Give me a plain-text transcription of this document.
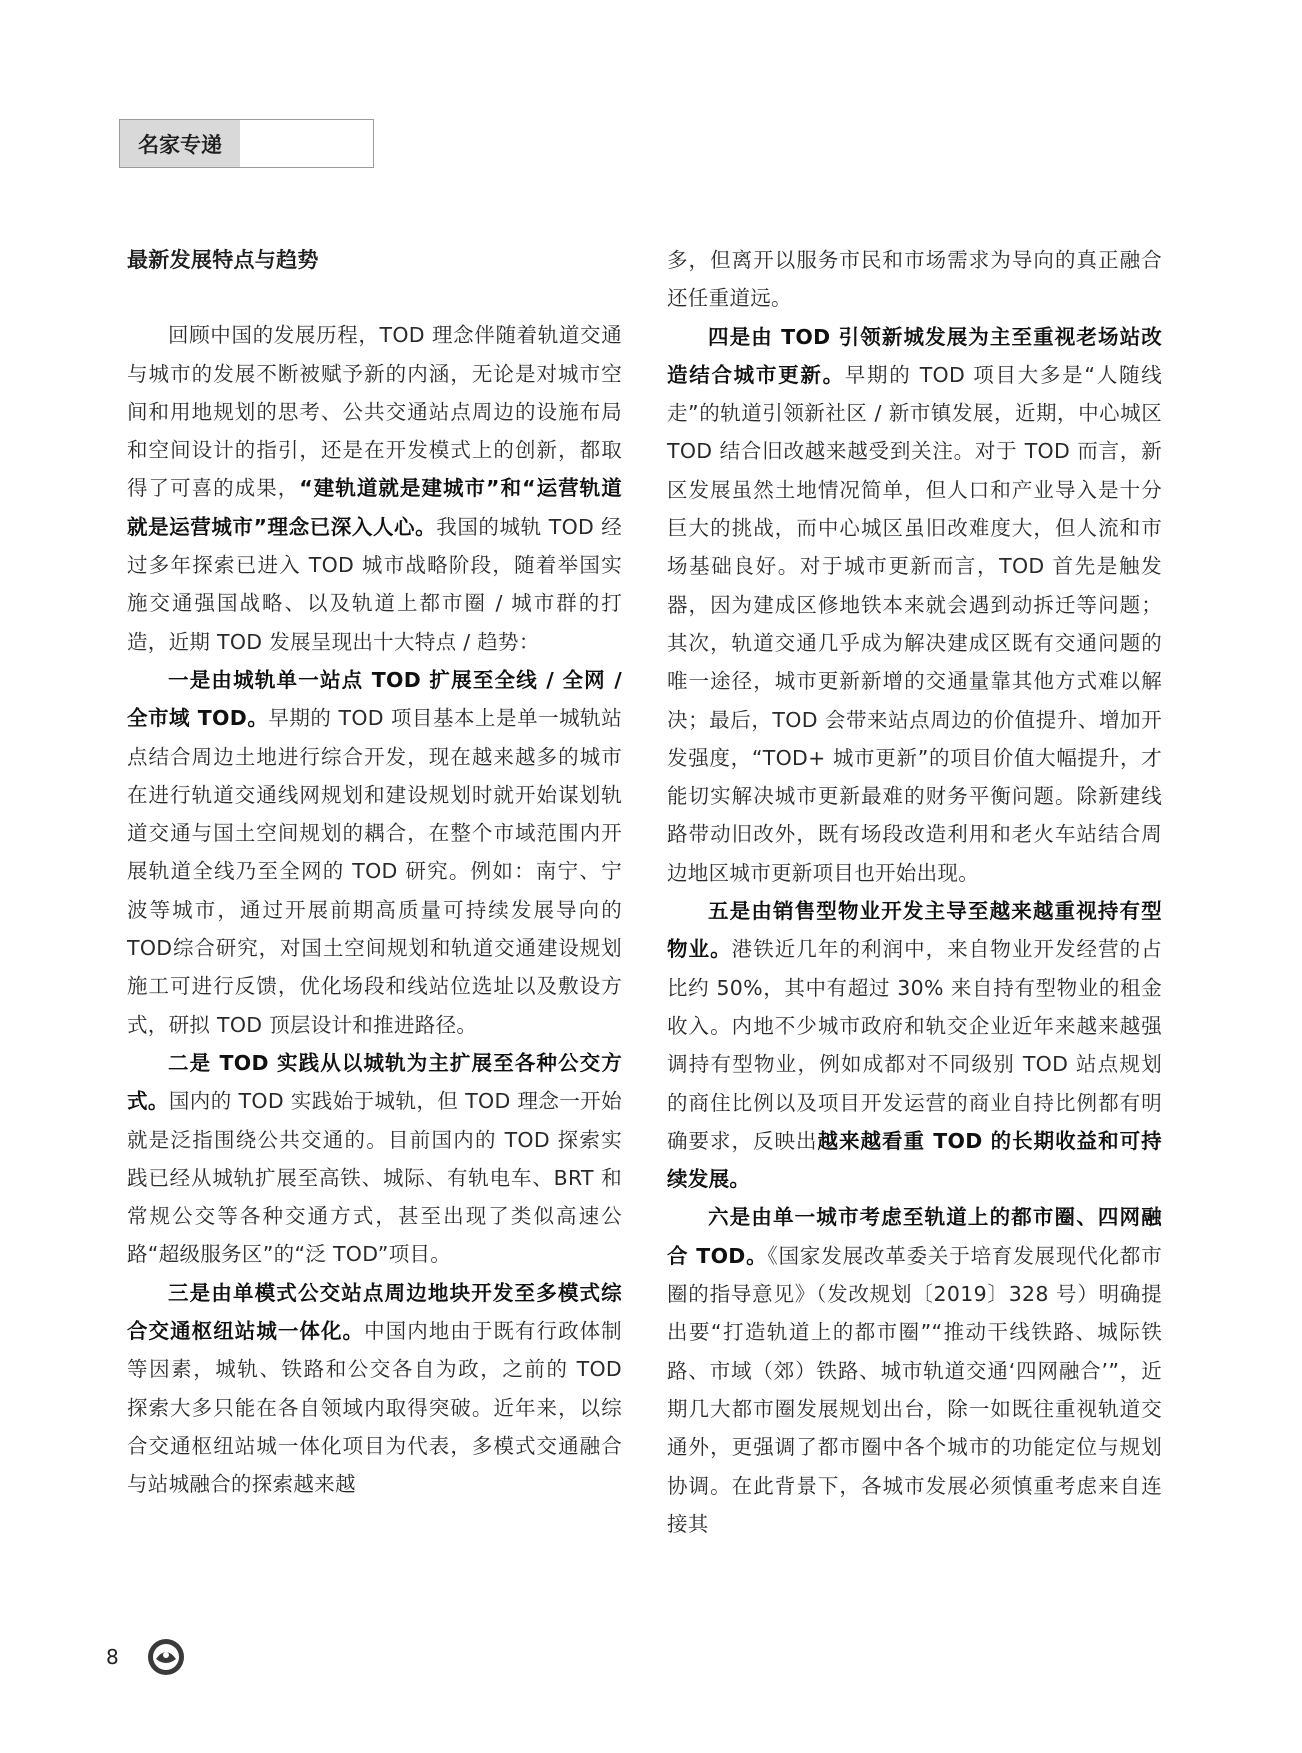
名家专递
最新发展特点与趋势

回顾中国的发展历程，TOD 理念伴随着轨道交通与城市的发展不断被赋予新的内涵，无论是对城市空间和用地规划的思考、公共交通站点周边的设施布局和空间设计的指引，还是在开发模式上的创新，都取得了可喜的成果，“建轨道就是建城市”和“运营轨道就是运营城市”理念已深入人心。我国的城轨 TOD 经过多年探索已进入 TOD 城市战略阶段，随着举国实施交通强国战略、以及轨道上都市圈 / 城市群的打造，近期 TOD 发展呈现出十大特点 / 趋势：

一是由城轨单一站点 TOD 扩展至全线 / 全网 / 全市域 TOD。早期的 TOD 项目基本上是单一城轨站点结合周边土地进行综合开发，现在越来越多的城市在进行轨道交通线网规划和建设规划时就开始谋划轨道交通与国土空间规划的耦合，在整个市域范围内开展轨道全线乃至全网的 TOD 研究。例如：南宁、宁波等城市，通过开展前期高质量可持续发展导向的TOD综合研究，对国土空间规划和轨道交通建设规划施工可进行反馈，优化场段和线站位选址以及敷设方式，研拟 TOD 顶层设计和推进路径。

二是 TOD 实践从以城轨为主扩展至各种公交方式。国内的 TOD 实践始于城轨，但 TOD 理念一开始就是泛指围绕公共交通的。目前国内的 TOD 探索实践已经从城轨扩展至高铁、城际、有轨电车、BRT 和常规公交等各种交通方式，甚至出现了类似高速公路“超级服务区”的“泛 TOD”项目。

三是由单模式公交站点周边地块开发至多模式综合交通枢纽站城一体化。中国内地由于既有行政体制等因素，城轨、铁路和公交各自为政，之前的 TOD 探索大多只能在各自领域内取得突破。近年来，以综合交通枢纽站城一体化项目为代表，多模式交通融合与站城融合的探索越来越

多，但离开以服务市民和市场需求为导向的真正融合还任重道远。

四是由 TOD 引领新城发展为主至重视老场站改造结合城市更新。早期的 TOD 项目大多是“人随线走”的轨道引领新社区 / 新市镇发展，近期，中心城区 TOD 结合旧改越来越受到关注。对于 TOD 而言，新区发展虽然土地情况简单，但人口和产业导入是十分巨大的挑战，而中心城区虽旧改难度大，但人流和市场基础良好。对于城市更新而言，TOD 首先是触发器，因为建成区修地铁本来就会遇到动拆迁等问题；其次，轨道交通几乎成为解决建成区既有交通问题的唯一途径，城市更新新增的交通量靠其他方式难以解决；最后，TOD 会带来站点周边的价值提升、增加开发强度，“TOD+ 城市更新”的项目价值大幅提升，才能切实解决城市更新最难的财务平衡问题。除新建线路带动旧改外，既有场段改造利用和老火车站结合周边地区城市更新项目也开始出现。

五是由销售型物业开发主导至越来越重视持有型物业。港铁近几年的利润中，来自物业开发经营的占比约 50%，其中有超过 30% 来自持有型物业的租金收入。内地不少城市政府和轨交企业近年来越来越强调持有型物业，例如成都对不同级别 TOD 站点规划的商住比例以及项目开发运营的商业自持比例都有明确要求，反映出越来越看重 TOD 的长期收益和可持续发展。

六是由单一城市考虑至轨道上的都市圈、四网融合 TOD。《国家发展改革委关于培育发展现代化都市圈的指导意见》（发改规划〔2019〕328 号）明确提出要“打造轨道上的都市圈”“推动干线铁路、城际铁路、市域（郊）铁路、城市轨道交通‘四网融合’”，近期几大都市圈发展规划出台，除一如既往重视轨道交通外，更强调了都市圈中各个城市的功能定位与规划协调。在此背景下，各城市发展必须慎重考虑来自连接其

8
